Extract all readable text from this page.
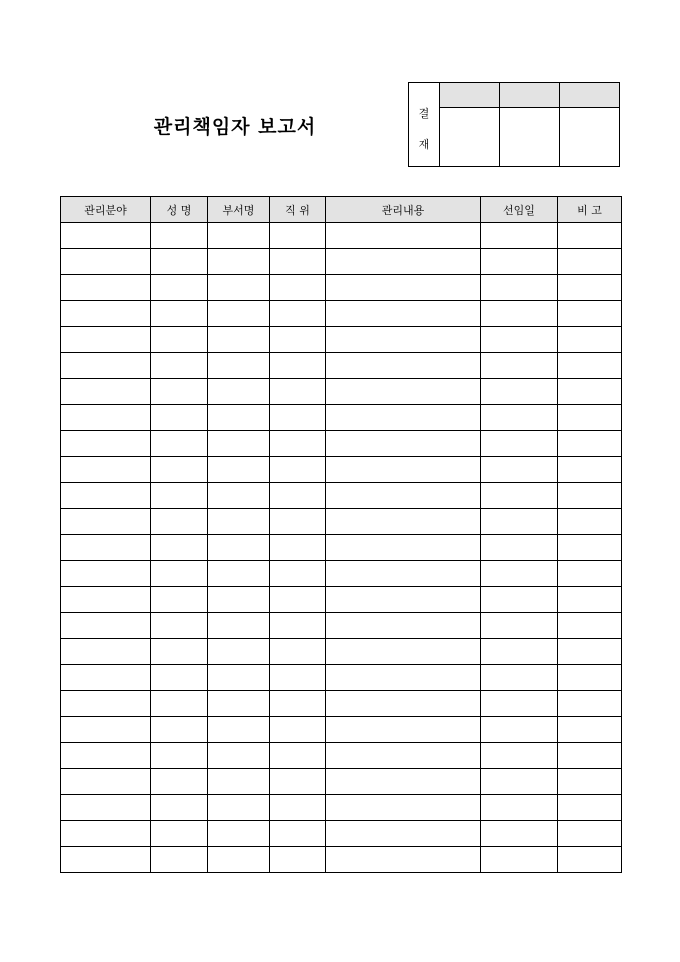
관리책임자 보고서
결
재			

관리분야	성 명	부서명	직 위	관리내용	선임일	비 고
